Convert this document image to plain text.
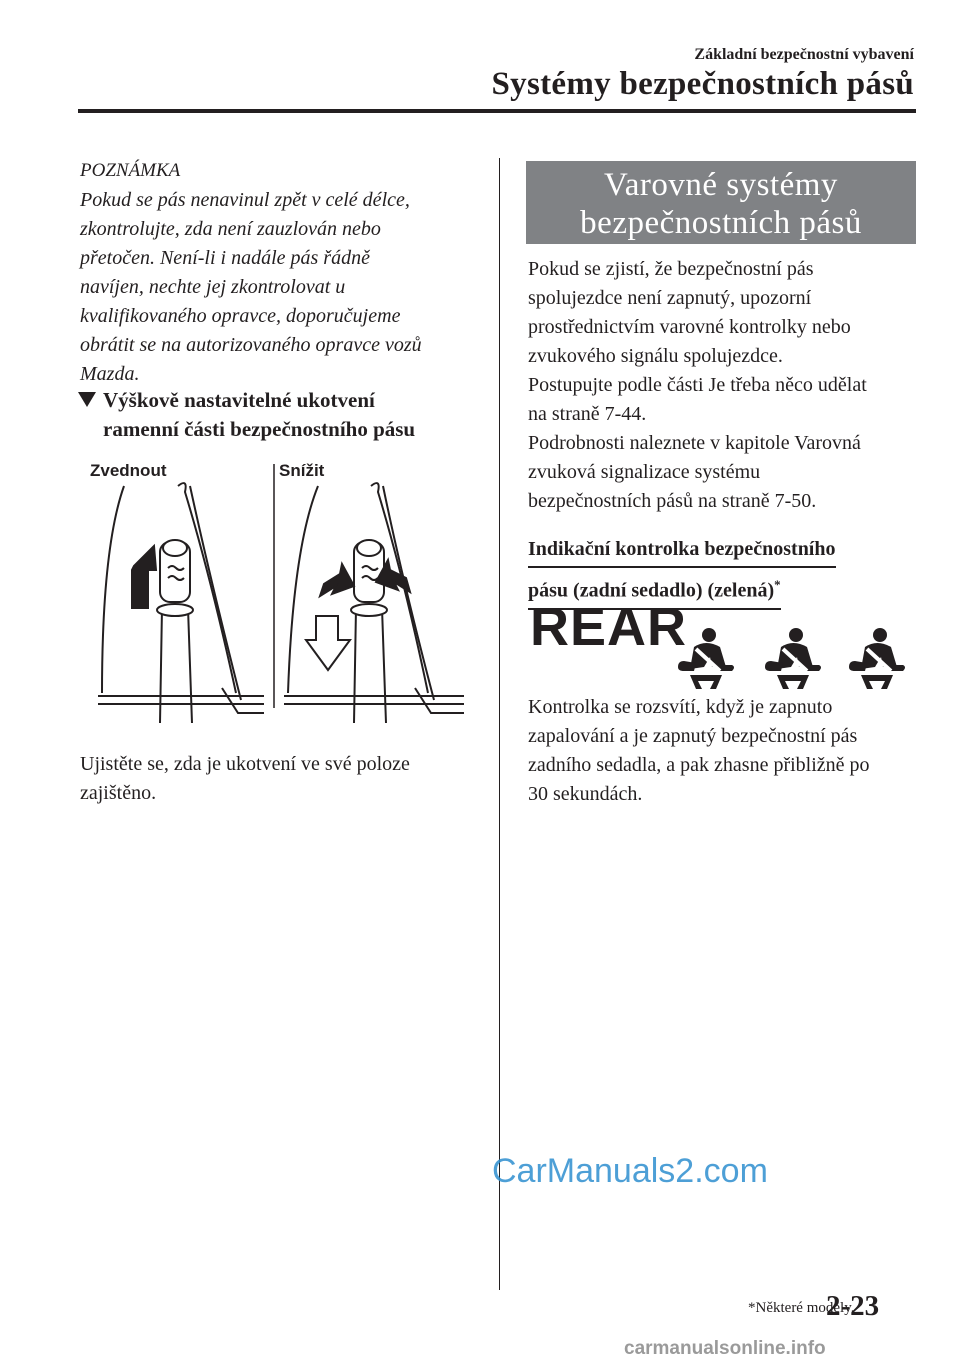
Základní bezpečnostní vybavení
Systémy bezpečnostních pásů
POZNÁMKA
Pokud se pás nenavinul zpět v celé délce,
zkontrolujte, zda není zauzlován nebo
přetočen. Není-li i nadále pás řádně
navíjen, nechte jej zkontrolovat u
kvalifikovaného opravce, doporučujeme
obrátit se na autorizovaného opravce vozů
Mazda.
Výškově nastavitelné ukotvení
ramenní části bezpečnostního pásu
Zvednout	Snížit
Ujistěte se, zda je ukotvení ve své poloze
zajištěno.
Varovné systémy
bezpečnostních pásů
Pokud se zjistí, že bezpečnostní pás
spolujezdce není zapnutý, upozorní
prostřednictvím varovné kontrolky nebo
zvukového signálu spolujezdce.
Postupujte podle části Je třeba něco udělat
na straně 7-44.
Podrobnosti naleznete v kapitole Varovná
zvuková signalizace systému
bezpečnostních pásů na straně 7-50.
Indikační kontrolka bezpečnostního
pásu (zadní sedadlo) (zelená)*
REAR
Kontrolka se rozsvítí, když je zapnuto
zapalování a je zapnutý bezpečnostní pás
zadního sedadla, a pak zhasne přibližně po
30 sekundách.
CarManuals2.com
*Některé modely.
2-23
carmanualsonline.info
